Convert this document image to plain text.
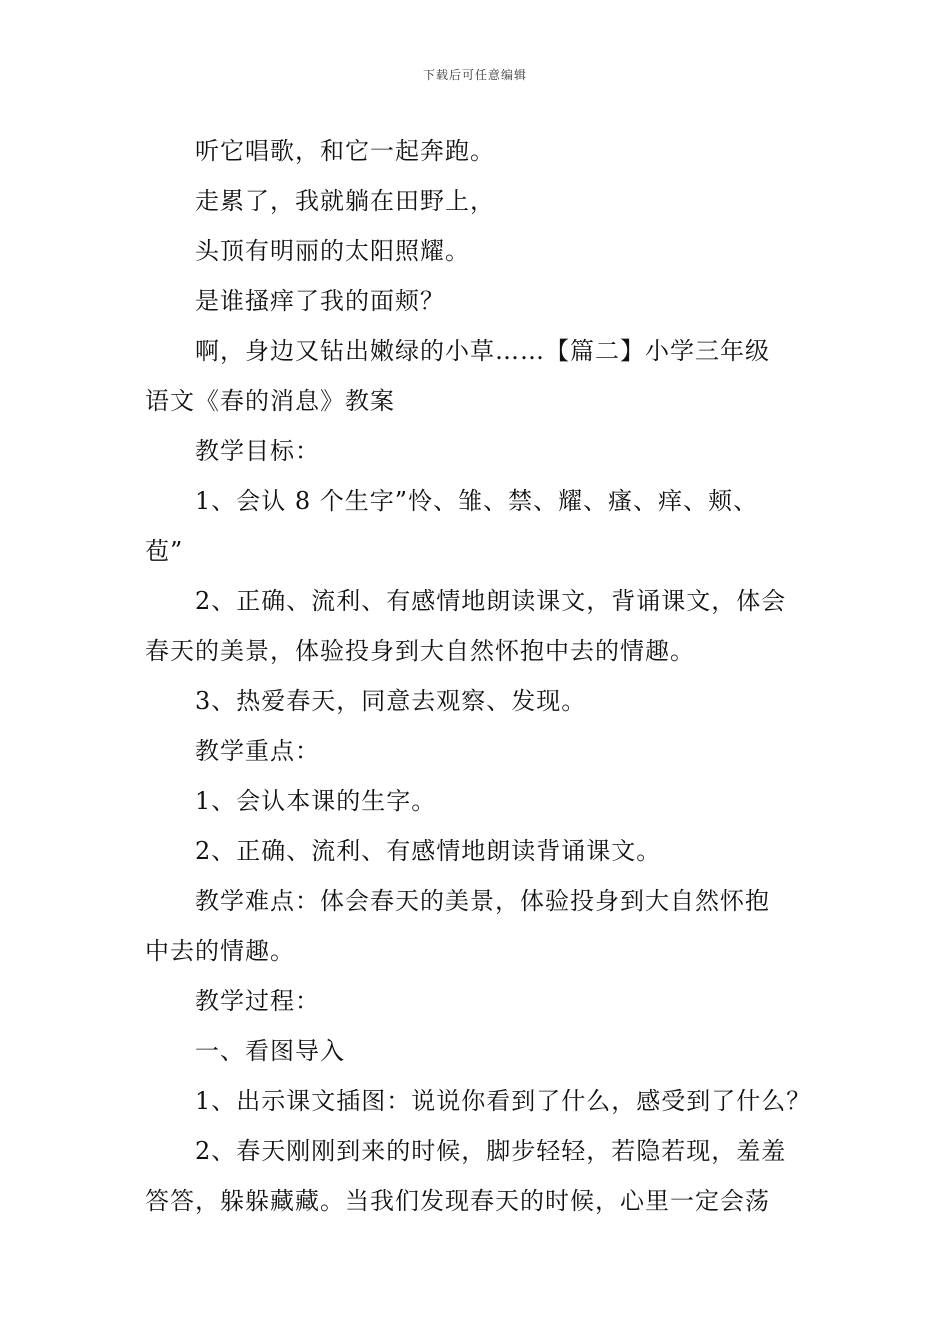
下载后可任意编辑
听它唱歌，和它一起奔跑。
走累了，我就躺在田野上，
头顶有明丽的太阳照耀。
是谁搔痒了我的面颊？
啊，身边又钻出嫩绿的小草……【篇二】小学三年级
语文《春的消息》教案
教学目标：
1、会认 8 个生字”怜、雏、禁、耀、瘙、痒、颊、
苞”
2、正确、流利、有感情地朗读课文，背诵课文，体会
春天的美景，体验投身到大自然怀抱中去的情趣。
3、热爱春天，同意去观察、发现。
教学重点：
1、会认本课的生字。
2、正确、流利、有感情地朗读背诵课文。
教学难点：体会春天的美景，体验投身到大自然怀抱
中去的情趣。
教学过程：
一、看图导入
1、出示课文插图：说说你看到了什么，感受到了什么？
2、春天刚刚到来的时候，脚步轻轻，若隐若现，羞羞
答答，躲躲藏藏。当我们发现春天的时候，心里一定会荡
